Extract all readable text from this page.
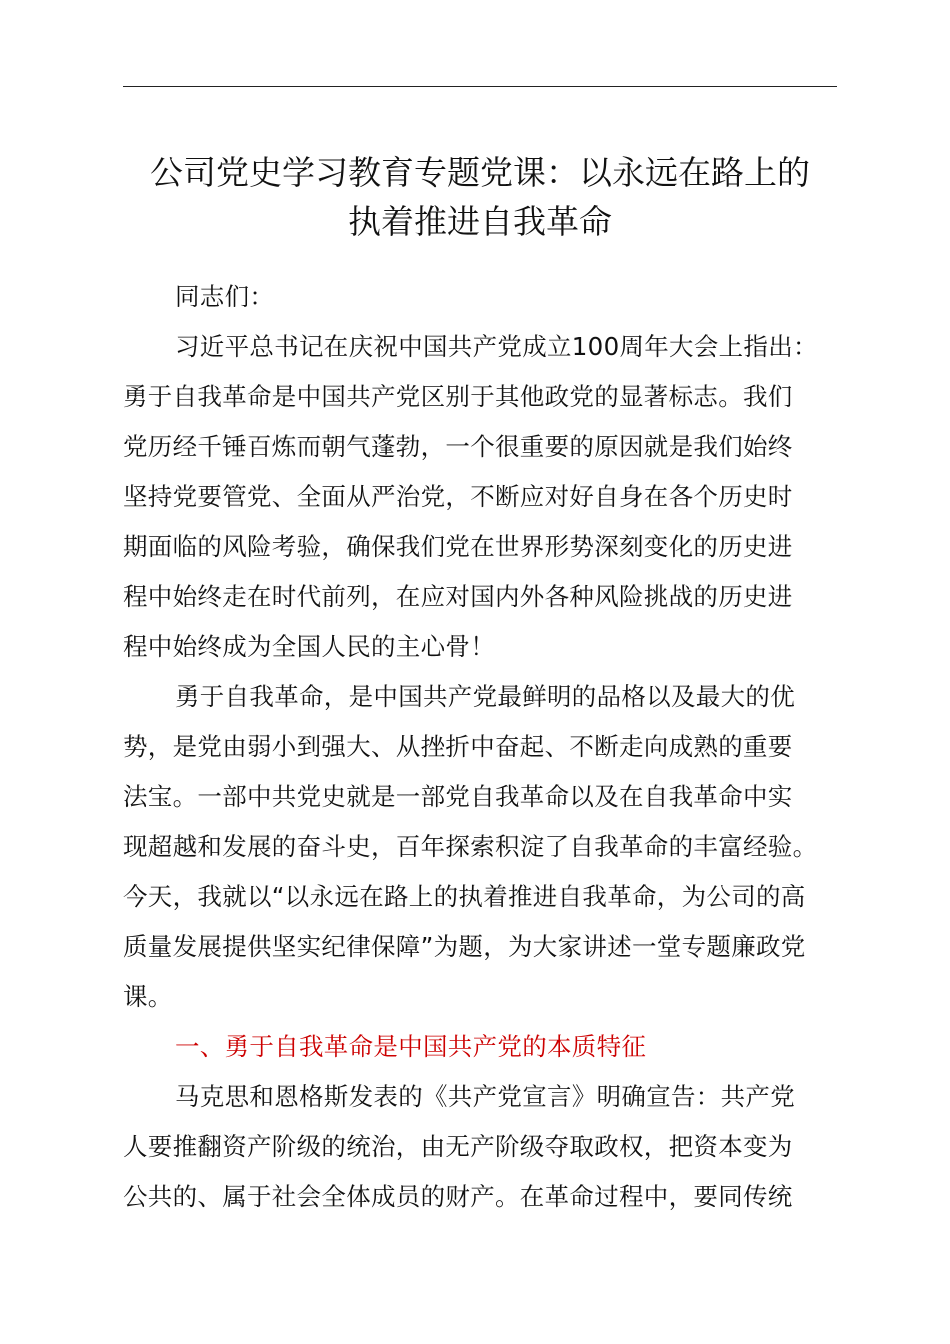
公司党史学习教育专题党课：以永远在路上的
执着推进自我革命
同志们：
习近平总书记在庆祝中国共产党成立100周年大会上指出：
勇于自我革命是中国共产党区别于其他政党的显著标志。我们
党历经千锤百炼而朝气蓬勃，一个很重要的原因就是我们始终
坚持党要管党、全面从严治党，不断应对好自身在各个历史时
期面临的风险考验，确保我们党在世界形势深刻变化的历史进
程中始终走在时代前列，在应对国内外各种风险挑战的历史进
程中始终成为全国人民的主心骨！
勇于自我革命，是中国共产党最鲜明的品格以及最大的优
势，是党由弱小到强大、从挫折中奋起、不断走向成熟的重要
法宝。一部中共党史就是一部党自我革命以及在自我革命中实
现超越和发展的奋斗史，百年探索积淀了自我革命的丰富经验。
今天，我就以“以永远在路上的执着推进自我革命，为公司的高
质量发展提供坚实纪律保障”为题，为大家讲述一堂专题廉政党
课。
一、勇于自我革命是中国共产党的本质特征
马克思和恩格斯发表的《共产党宣言》明确宣告：共产党
人要推翻资产阶级的统治，由无产阶级夺取政权，把资本变为
公共的、属于社会全体成员的财产。在革命过程中，要同传统
